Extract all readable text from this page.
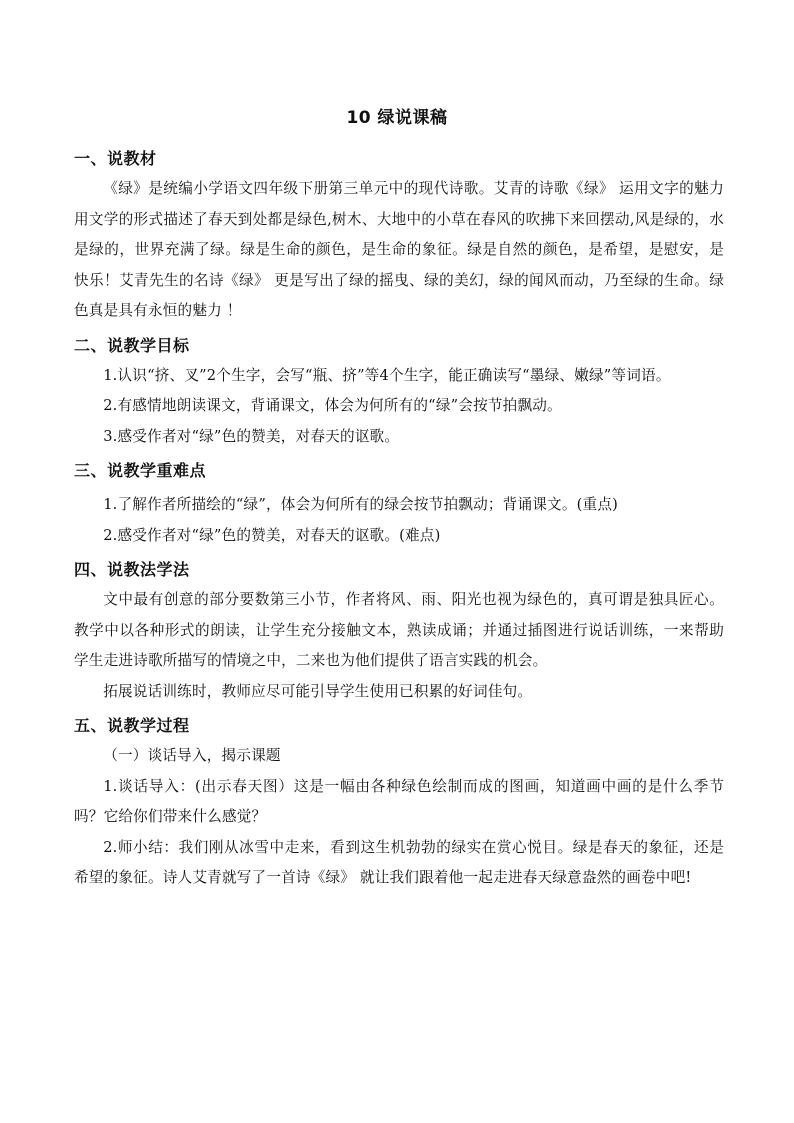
10 绿说课稿
一、说教材

《绿》是统编小学语文四年级下册第三单元中的现代诗歌。艾青的诗歌《绿》 运用文字的魅力用文学的形式描述了春天到处都是绿色,树木、大地中的小草在春风的吹拂下来回摆动,风是绿的，水是绿的，世界充满了绿。绿是生命的颜色，是生命的象征。绿是自然的颜色，是希望，是慰安，是快乐！艾青先生的名诗《绿》 更是写出了绿的摇曳、绿的美幻，绿的闻风而动，乃至绿的生命。绿色真是具有永恒的魅力 ！

二、说教学目标

1.认识“挤、叉”2个生字，会写“瓶、挤”等4个生字，能正确读写“墨绿、嫩绿”等词语。

2.有感情地朗读课文，背诵课文，体会为何所有的“绿”会按节拍飘动。

3.感受作者对“绿”色的赞美，对春天的讴歌。

三、说教学重难点

1.了解作者所描绘的“绿”，体会为何所有的绿会按节拍飘动；背诵课文。(重点)

2.感受作者对“绿”色的赞美，对春天的讴歌。(难点)

四、说教法学法

文中最有创意的部分要数第三小节，作者将风、雨、阳光也视为绿色的，真可谓是独具匠心。教学中以各种形式的朗读，让学生充分接触文本，熟读成诵；并通过插图进行说话训练，一来帮助学生走进诗歌所描写的情境之中，二来也为他们提供了语言实践的机会。

拓展说话训练时，教师应尽可能引导学生使用已积累的好词佳句。

五、说教学过程

（一）谈话导入，揭示课题

1.谈话导入：(出示春天图）这是一幅由各种绿色绘制而成的图画，知道画中画的是什么季节吗？它给你们带来什么感觉？

2.师小结：我们刚从冰雪中走来，看到这生机勃勃的绿实在赏心悦目。绿是春天的象征，还是希望的象征。诗人艾青就写了一首诗《绿》 就让我们跟着他一起走进春天绿意盎然的画卷中吧!
